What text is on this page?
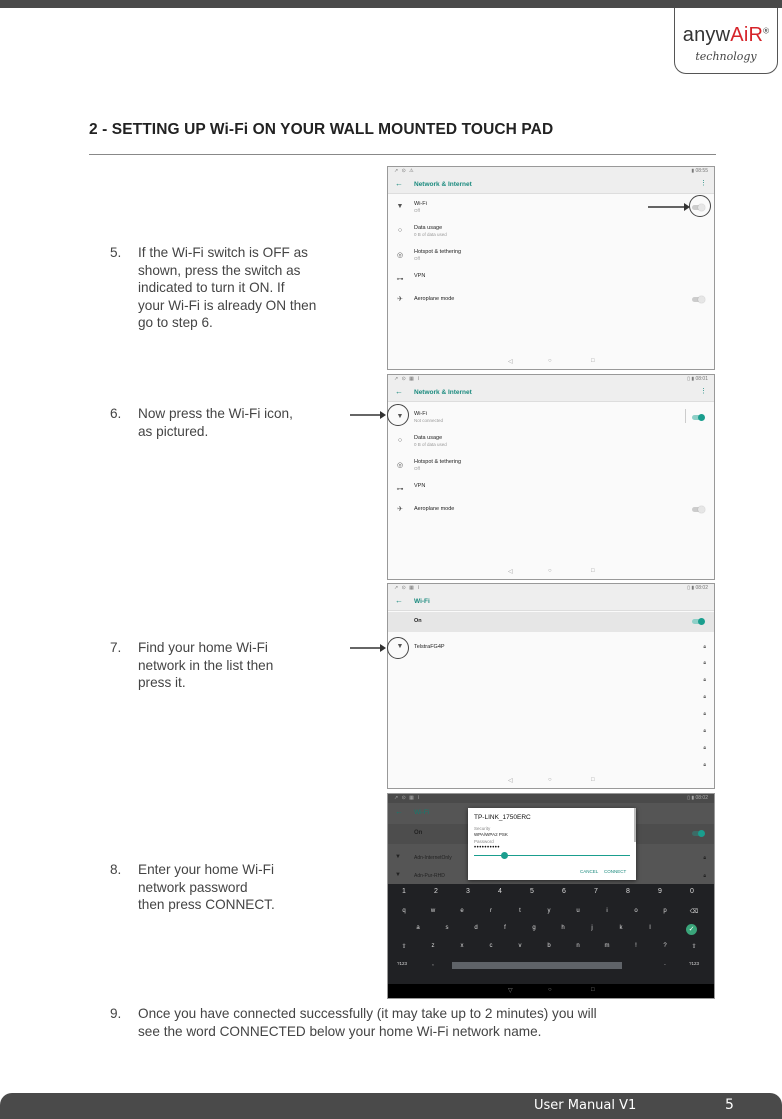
anywAiR®
technology
2 - SETTING UP Wi-Fi ON YOUR WALL MOUNTED TOUCH PAD
5. If the Wi-Fi switch is OFF as
shown, press the switch as
indicated to turn it ON. If
your Wi-Fi is already ON then
go to step 6.
↗ ⊙ ⚠	▮ 08:55
← Network & Internet	⋮
▼ Wi-Fi
Off
○	Data usage
0 B of data used
◎	Hotspot & tethering
Off
⊶ VPN
✈	Aeroplane mode
◁	○	□
6. Now press the Wi-Fi icon,
as pictured.
↗ ⊙ ▦ ⌇	▯ ▮ 08:01
← Network & Internet	⋮
▼ Wi-Fi
Not connected
○	Data usage
0 B of data used
◎	Hotspot & tethering
Off
⊶ VPN
✈	Aeroplane mode
◁	○	□
7. Find your home Wi-Fi
network in the list then
press it.
↗ ⊙ ▦ ⌇	▯ ▮ 08:02
← Wi-Fi
On
▼ TelstraFG4P	🔒︎
🔒︎
🔒︎
🔒︎
🔒︎
🔒︎
🔒︎
🔒︎
◁	○	□
8. Enter your home Wi-Fi
network password
then press CONNECT.
↗ ⊙ ▦ ⌇	▯ ▮ 08:02
← Wi-Fi
On
▼	Adn-InternetOnly	🔒︎
▼	Adn-Pur-RHD	🔒︎
TP-LINK_1750ERC
Security
WPA/WPA2 PSK
Password
••••••••••
CANCEL CONNECT
1	2	3	4	5	6	7	8	9	0
q	w	e	r	t	y	u	i	o	p	⌫
a	s	d	f	g	h	j	k	l	✓
⇧	z	x	c	v	b	n	m	!	?	⇧
?123	,	.	?123
▽	○	□
9. Once you have connected successfully (it may take up to 2 minutes) you will
see the word CONNECTED below your home Wi-Fi network name.
User Manual V1	5
